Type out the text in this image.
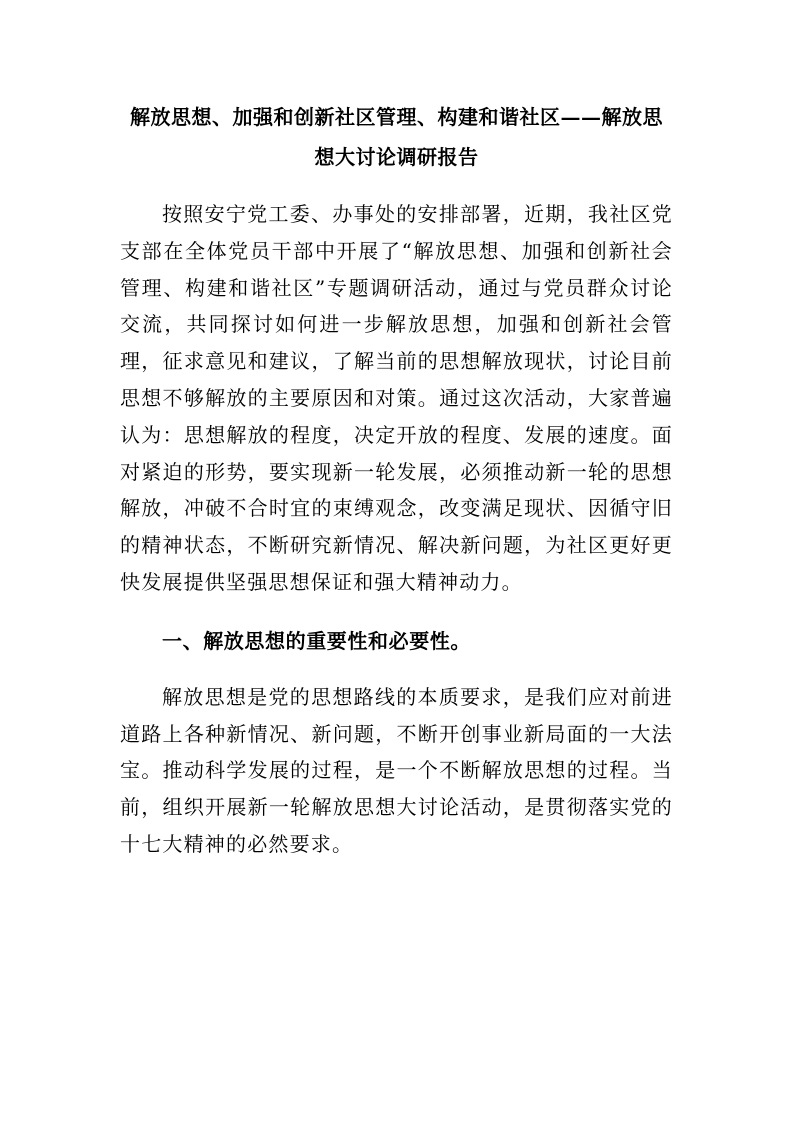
解放思想、加强和创新社区管理、构建和谐社区——解放思想大讨论调研报告

按照安宁党工委、办事处的安排部署，近期，我社区党支部在全体党员干部中开展了“解放思想、加强和创新社会管理、构建和谐社区”专题调研活动，通过与党员群众讨论交流，共同探讨如何进一步解放思想，加强和创新社会管理，征求意见和建议，了解当前的思想解放现状，讨论目前思想不够解放的主要原因和对策。通过这次活动，大家普遍认为：思想解放的程度，决定开放的程度、发展的速度。面对紧迫的形势，要实现新一轮发展，必须推动新一轮的思想解放，冲破不合时宜的束缚观念，改变满足现状、因循守旧的精神状态，不断研究新情况、解决新问题，为社区更好更快发展提供坚强思想保证和强大精神动力。

一、解放思想的重要性和必要性。

解放思想是党的思想路线的本质要求，是我们应对前进道路上各种新情况、新问题，不断开创事业新局面的一大法宝。推动科学发展的过程，是一个不断解放思想的过程。当前，组织开展新一轮解放思想大讨论活动，是贯彻落实党的十七大精神的必然要求。
